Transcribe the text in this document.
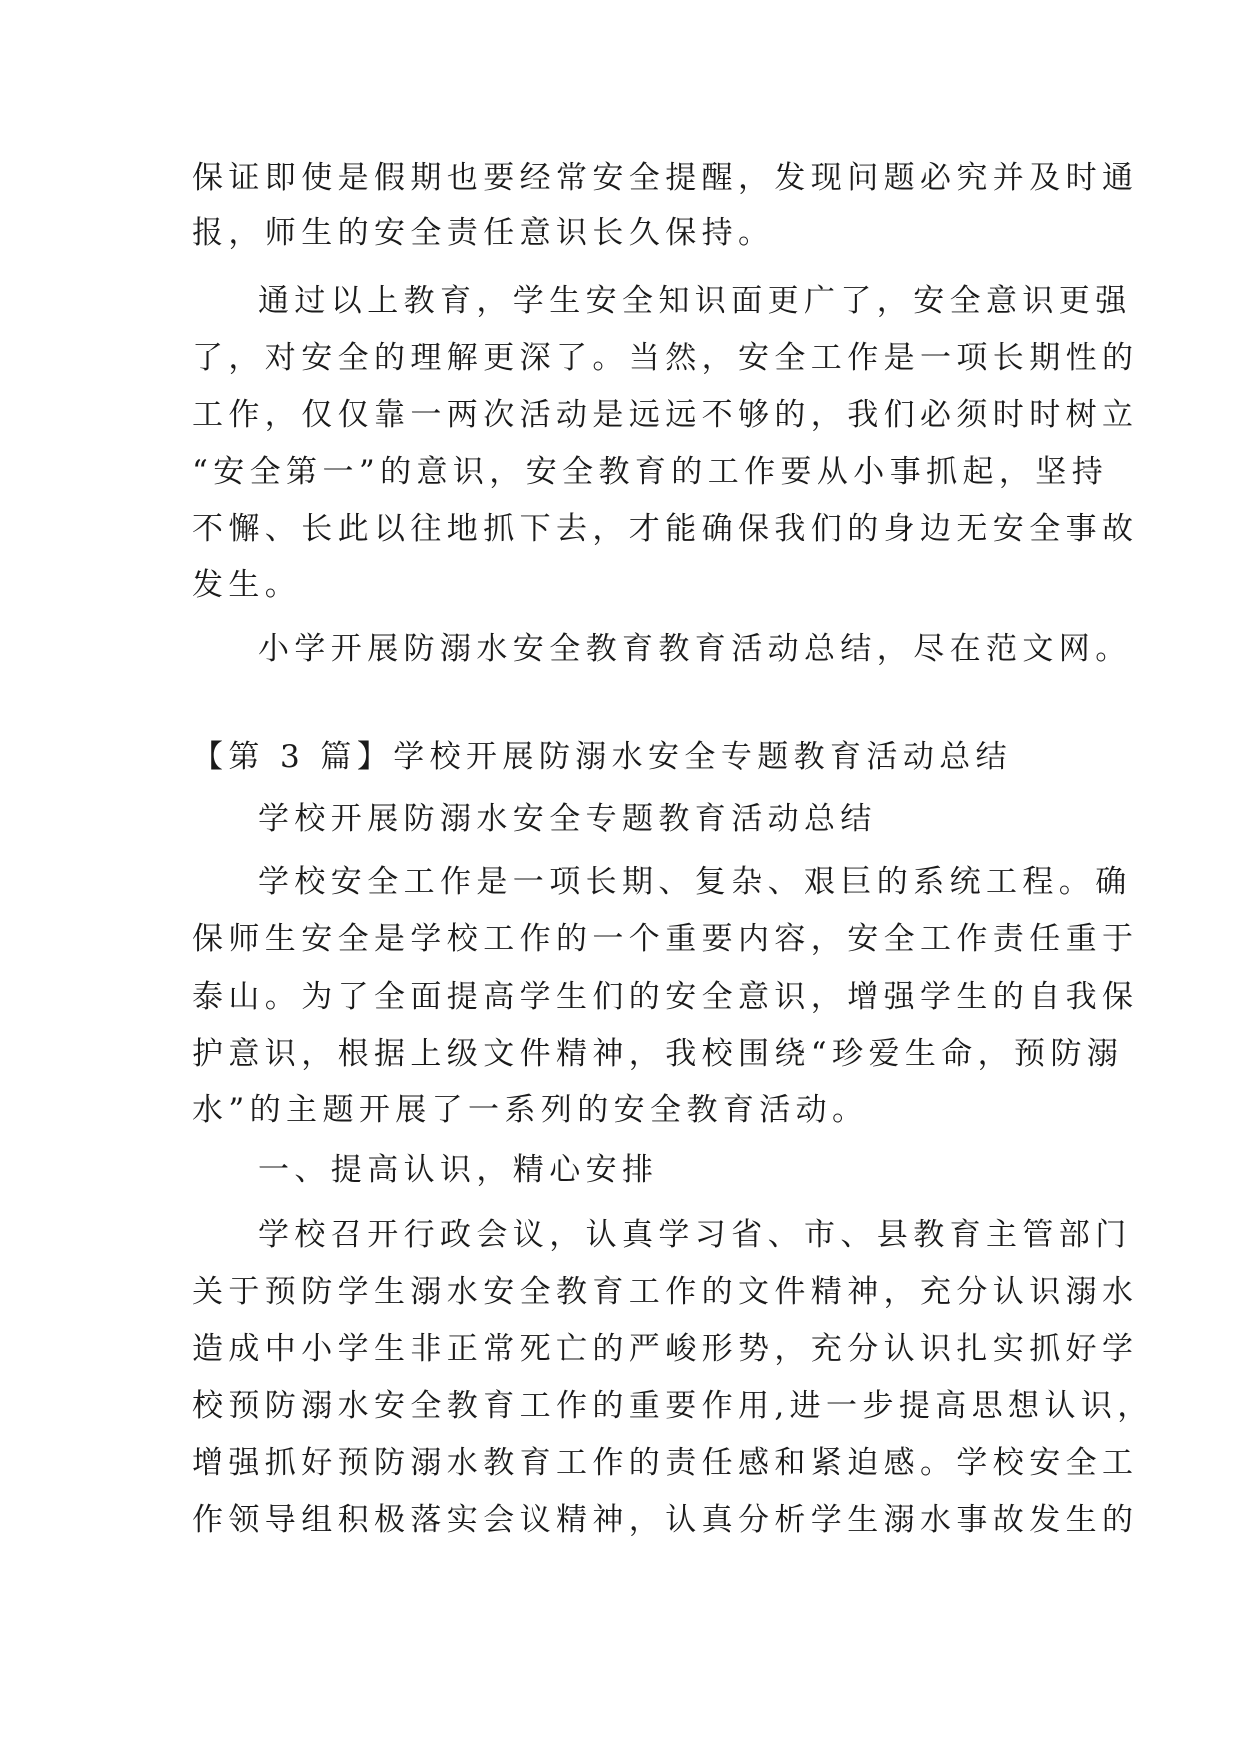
保证即使是假期也要经常安全提醒，发现问题必究并及时通
报，师生的安全责任意识长久保持。
通过以上教育，学生安全知识面更广了，安全意识更强
了，对安全的理解更深了。当然，安全工作是一项长期性的
工作，仅仅靠一两次活动是远远不够的，我们必须时时树立
“安全第一”的意识，安全教育的工作要从小事抓起，坚持
不懈、长此以往地抓下去，才能确保我们的身边无安全事故
发生。
小学开展防溺水安全教育教育活动总结，尽在范文网。
【第 3 篇】学校开展防溺水安全专题教育活动总结
学校开展防溺水安全专题教育活动总结
学校安全工作是一项长期、复杂、艰巨的系统工程。确
保师生安全是学校工作的一个重要内容，安全工作责任重于
泰山。为了全面提高学生们的安全意识，增强学生的自我保
护意识，根据上级文件精神，我校围绕“珍爱生命，预防溺
水”的主题开展了一系列的安全教育活动。
一、提高认识，精心安排
学校召开行政会议，认真学习省、市、县教育主管部门
关于预防学生溺水安全教育工作的文件精神，充分认识溺水
造成中小学生非正常死亡的严峻形势，充分认识扎实抓好学
校预防溺水安全教育工作的重要作用,进一步提高思想认识，
增强抓好预防溺水教育工作的责任感和紧迫感。学校安全工
作领导组积极落实会议精神，认真分析学生溺水事故发生的
